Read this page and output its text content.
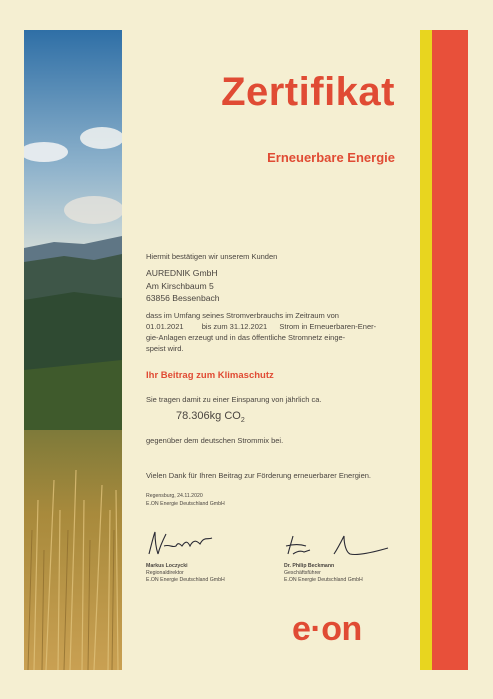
Zertifikat
Erneuerbare Energie
Hiermit bestätigen wir unserem Kunden
AUREDNIK GmbH
Am Kirschbaum 5
63856 Bessenbach
dass im Umfang seines Stromverbrauchs im Zeitraum von
01.01.2021 bis zum 31.12.2021 Strom in Erneuerbaren-Ener-
gie-Anlagen erzeugt und in das öffentliche Stromnetz einge-
speist wird.
Ihr Beitrag zum Klimaschutz
Sie tragen damit zu einer Einsparung von jährlich ca.
78.306kg $CO_2$
gegenüber dem deutschen Strommix bei.
Vielen Dank für Ihren Beitrag zur Förderung erneuerbarer Energien.
Regensburg, 24.11.2020
E.ON Energie Deutschland GmbH
Markus Loczycki
Regionaldirektor
E.ON Energie Deutschland GmbH
Dr. Philip Beckmann
Geschäftsführer
E.ON Energie Deutschland GmbH
e·on
